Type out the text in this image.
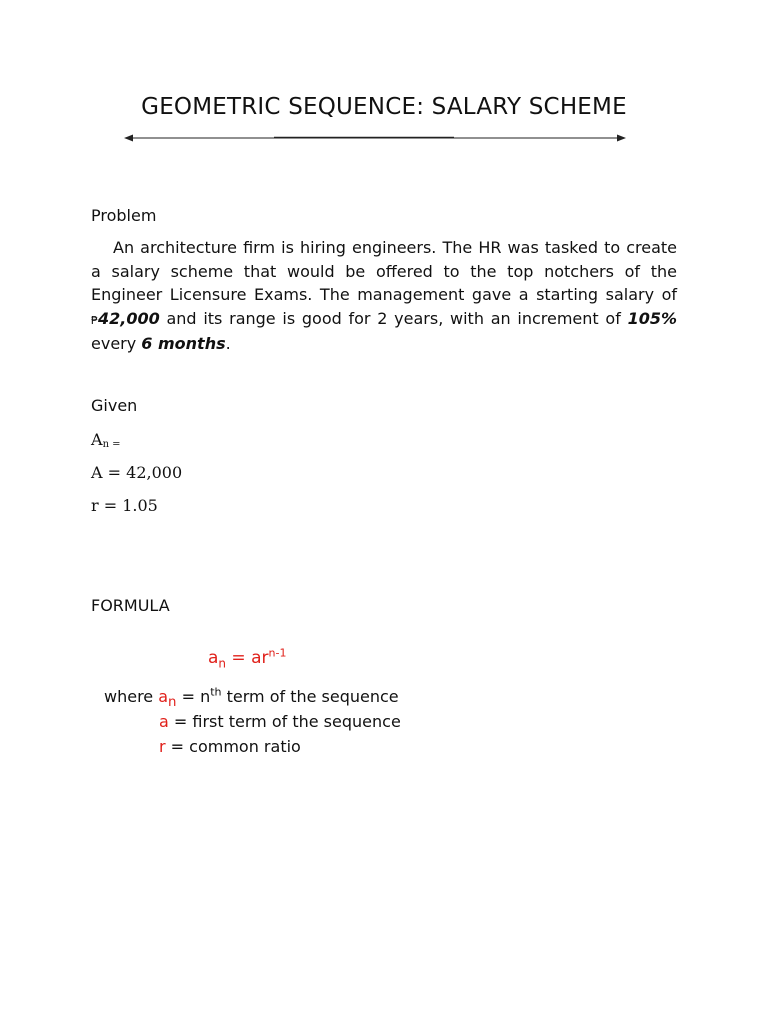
GEOMETRIC SEQUENCE: SALARY SCHEME
Problem
An architecture firm is hiring engineers. The HR was tasked to create a salary scheme that would be offered to the top notchers of the Engineer Licensure Exams. The management gave a starting salary of ₱42,000 and its range is good for 2 years, with an increment of 105% every 6 months.
Given
An =
A = 42,000
r = 1.05
FORMULA
$a_n = ar^{n-1}$
where $a_n = n^{th}$ term of the sequence
a = first term of the sequence
r = common ratio
